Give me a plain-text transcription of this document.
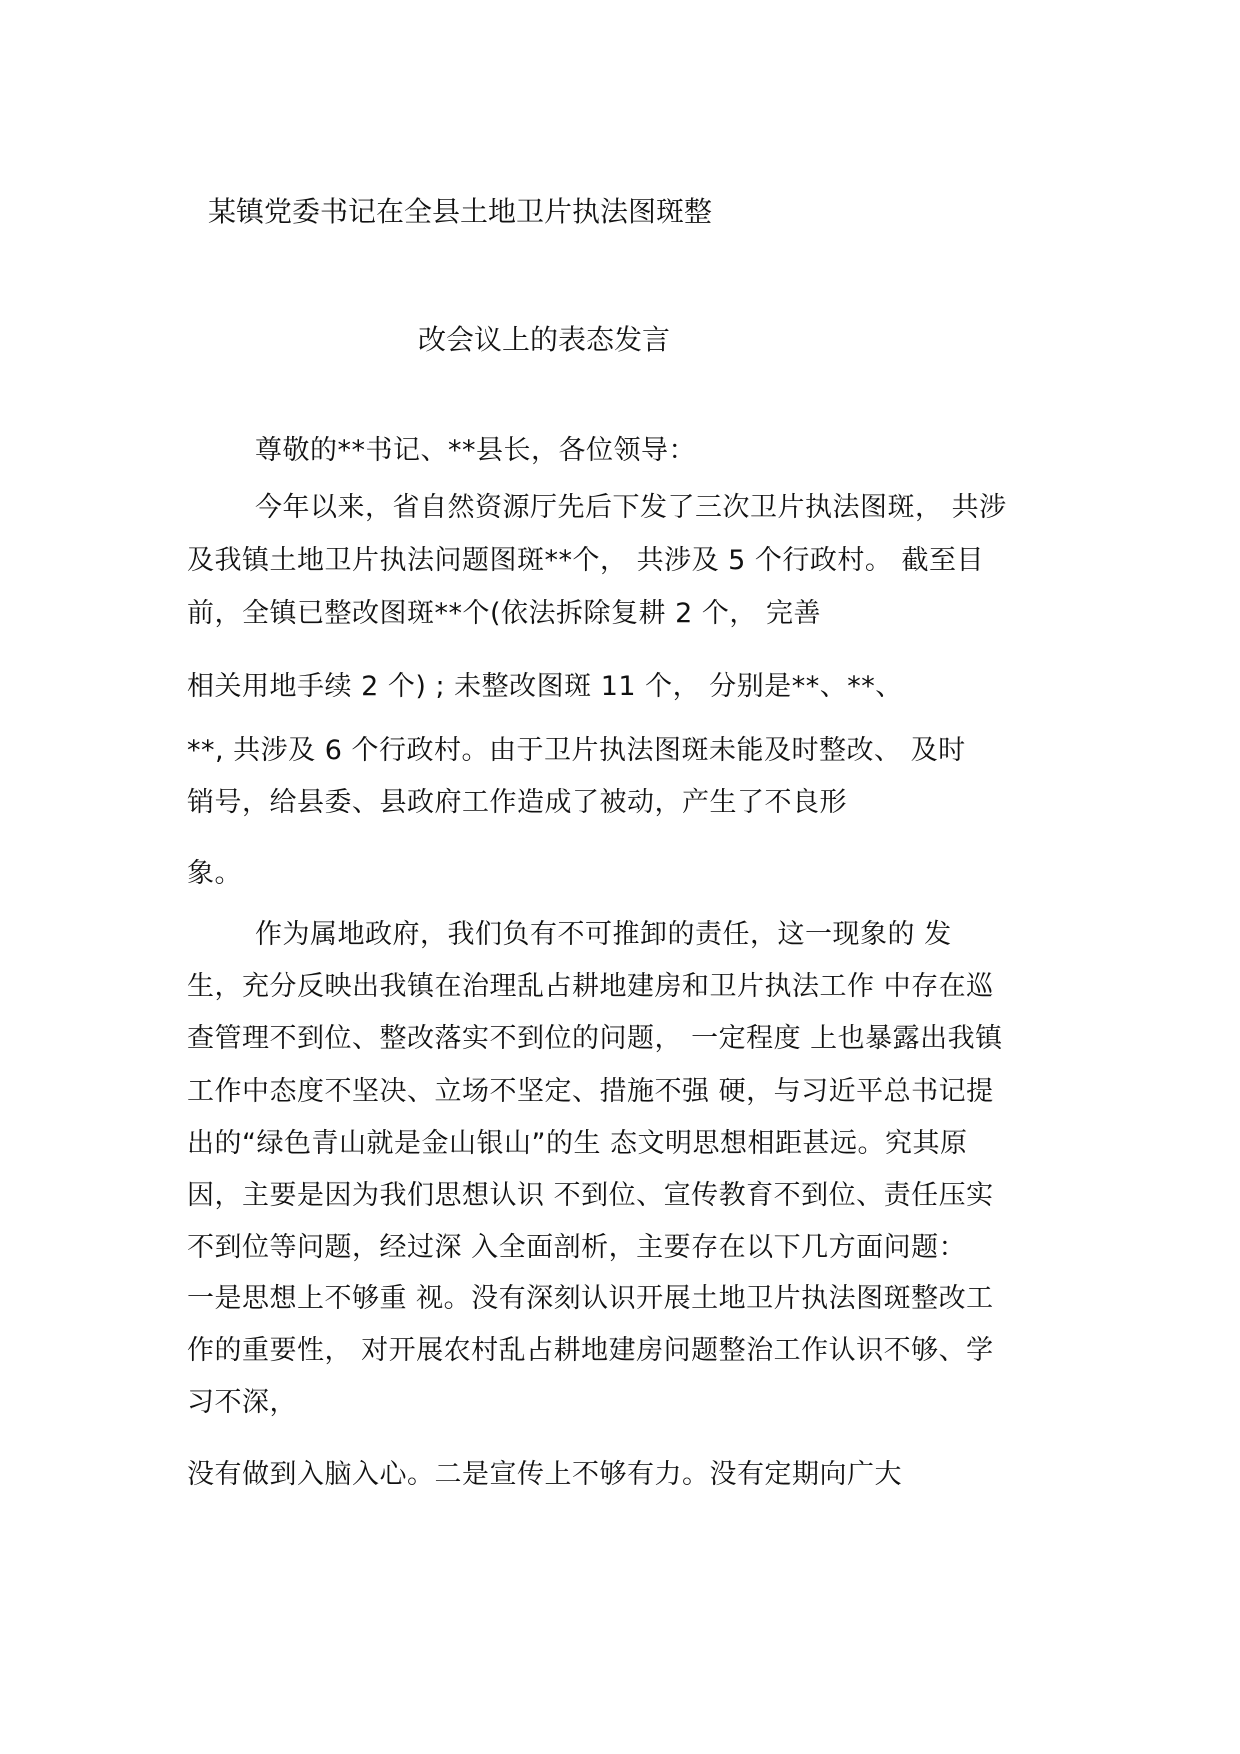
某镇党委书记在全县土地卫片执法图斑整
改会议上的表态发言
尊敬的**书记、**县长，各位领导：
今年以来，省自然资源厅先后下发了三次卫片执法图斑， 共涉
及我镇土地卫片执法问题图斑**个， 共涉及 5 个行政村。 截至目
前，全镇已整改图斑**个(依法拆除复耕 2 个， 完善
相关用地手续 2 个) ; 未整改图斑 11 个， 分别是**、**、
**, 共涉及 6 个行政村。由于卫片执法图斑未能及时整改、 及时
销号，给县委、县政府工作造成了被动，产生了不良形
象。
作为属地政府，我们负有不可推卸的责任，这一现象的 发
生，充分反映出我镇在治理乱占耕地建房和卫片执法工作 中存在巡
查管理不到位、整改落实不到位的问题， 一定程度 上也暴露出我镇
工作中态度不坚决、立场不坚定、措施不强 硬，与习近平总书记提
出的“绿色青山就是金山银山”的生 态文明思想相距甚远。究其原
因，主要是因为我们思想认识 不到位、宣传教育不到位、责任压实
不到位等问题，经过深 入全面剖析，主要存在以下几方面问题：
一是思想上不够重 视。没有深刻认识开展土地卫片执法图斑整改工
作的重要性， 对开展农村乱占耕地建房问题整治工作认识不够、学
习不深，
没有做到入脑入心。二是宣传上不够有力。没有定期向广大
